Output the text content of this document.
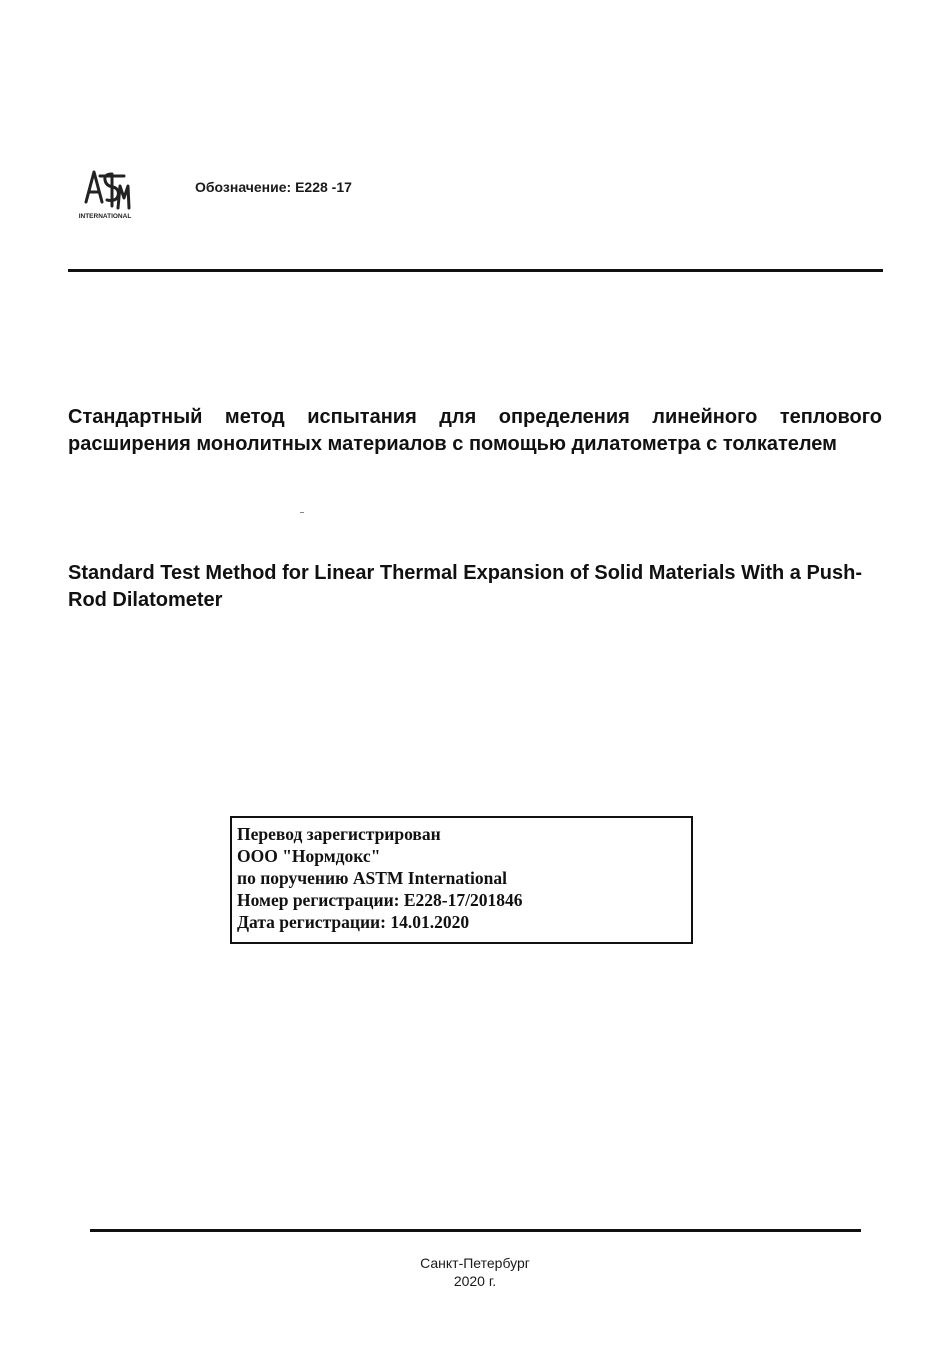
INTERNATIONAL
Обозначение: E228 -17

Стандартный метод испытания для определения линейного теплового расширения монолитных материалов с помощью дилатометра с толкателем

Standard Test Method for Linear Thermal Expansion of Solid Materials With a Push-Rod Dilatometer

Перевод зарегистрирован
ООО "Нормдокс"
по поручению ASTM International
Номер регистрации: E228-17/201846
Дата регистрации: 14.01.2020
Санкт-Петербург
2020 г.
